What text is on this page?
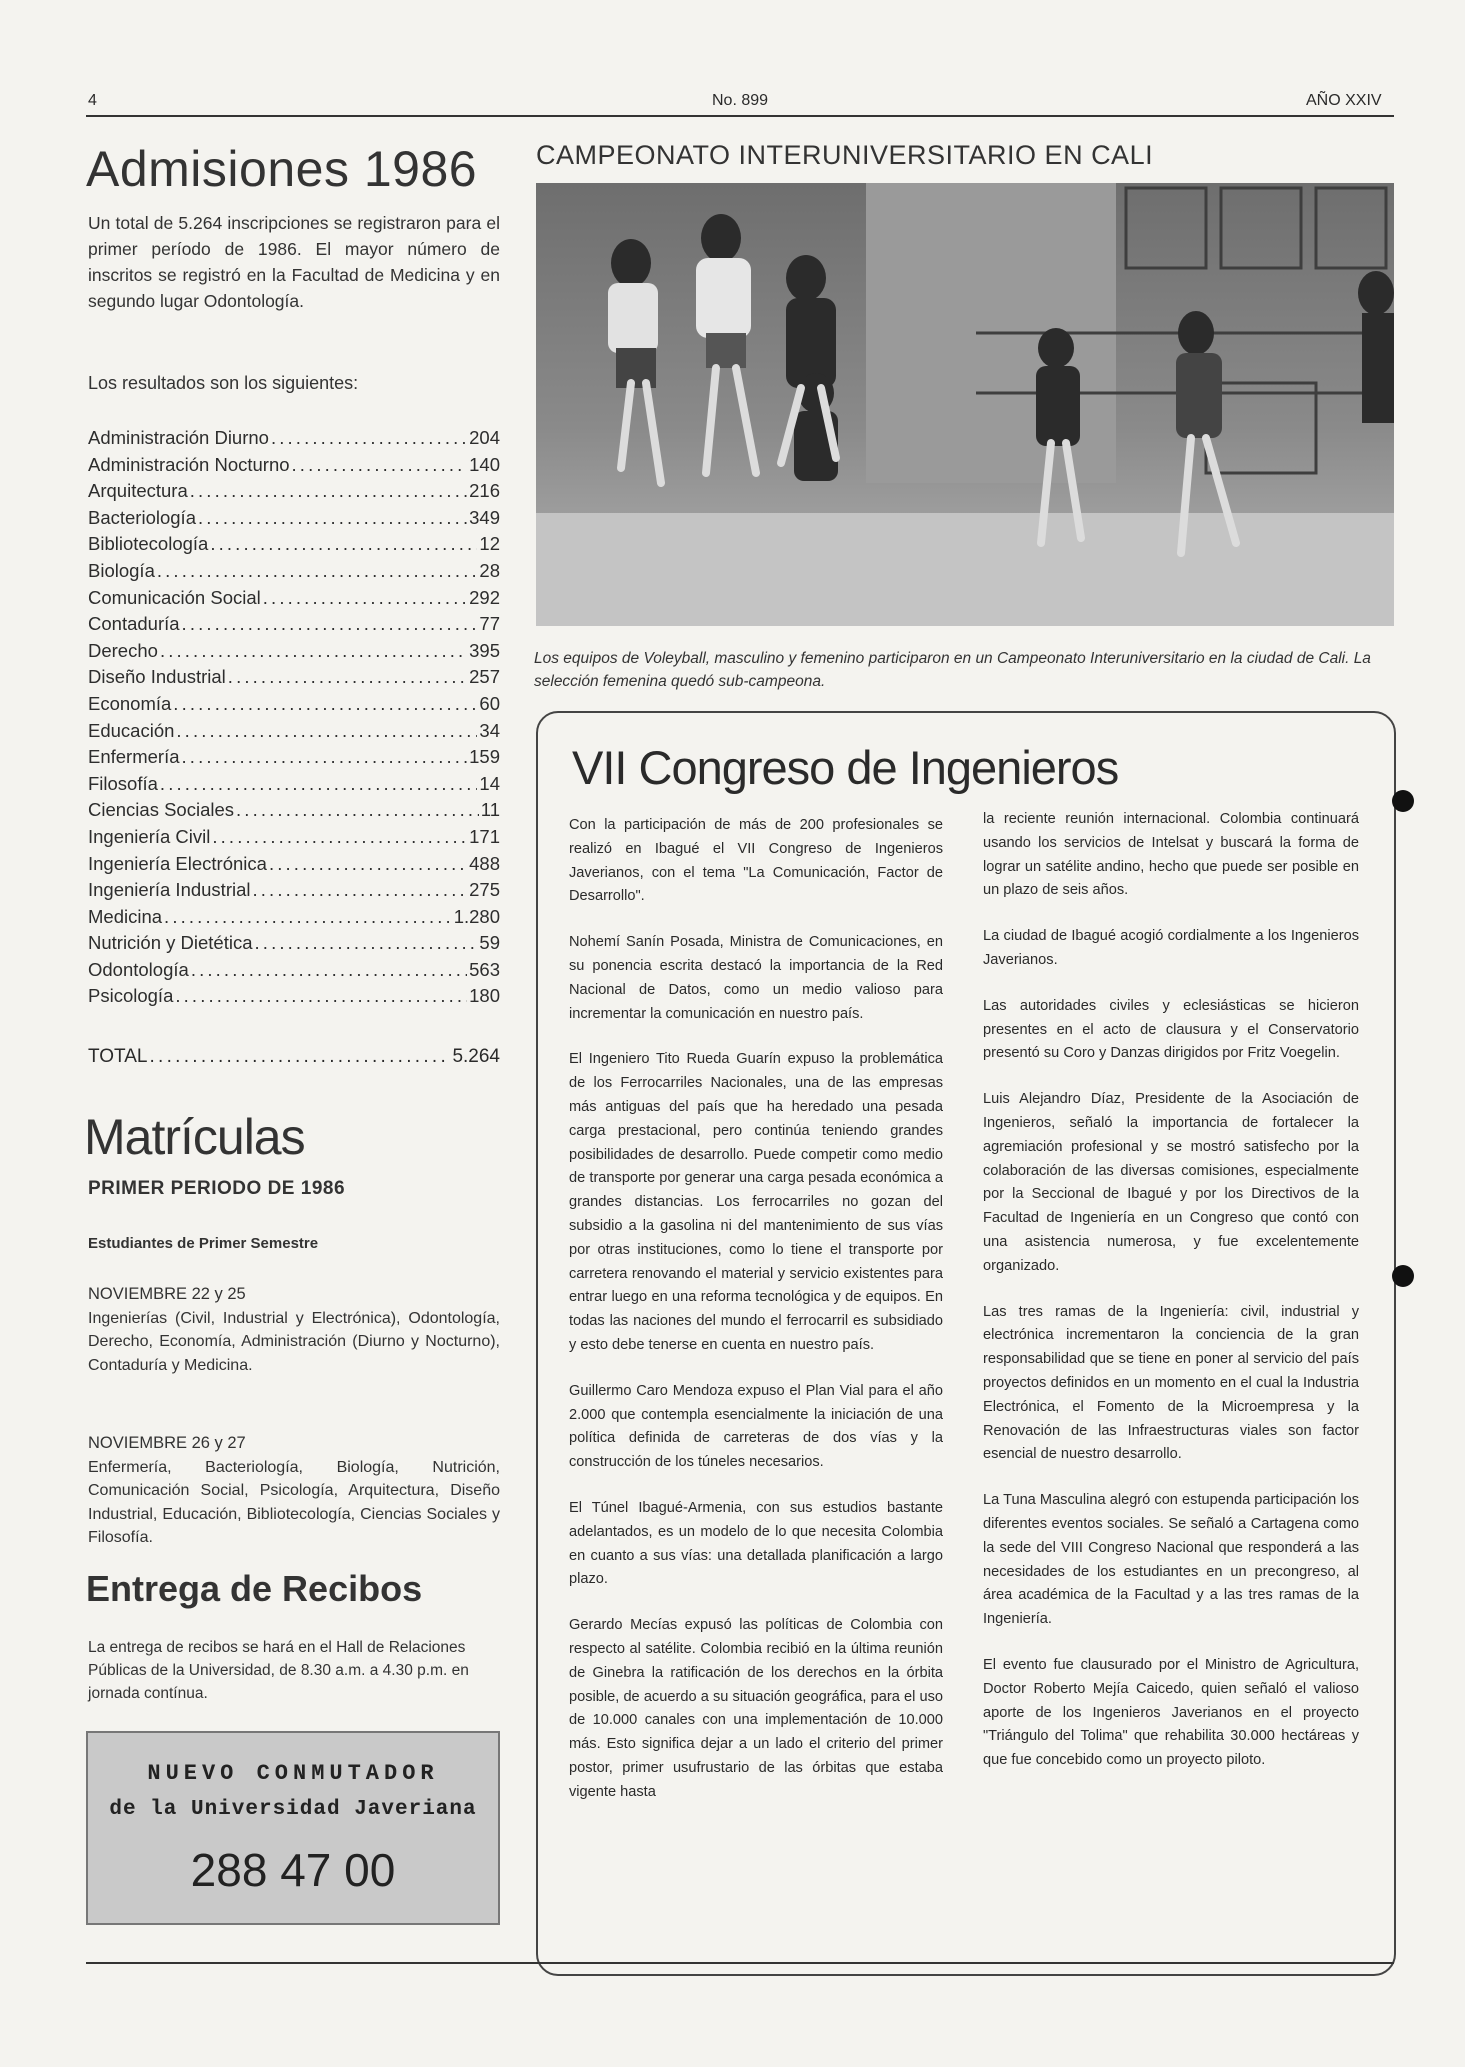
4	No. 899	AÑO XXIV
Admisiones 1986
Un total de 5.264 inscripciones se registraron para el primer período de 1986. El mayor número de inscritos se registró en la Facultad de Medicina y en segundo lugar Odontología.
Los resultados son los siguientes:
Administración Diurno . . .	204
Administración Nocturno . . .	140
Arquitectura . . .	216
Bacteriología . . .	349
Bibliotecología . . .	12
Biología . . .	28
Comunicación Social . . .	292
Contaduría . . .	77
Derecho . . .	395
Diseño Industrial . . .	257
Economía . . .	60
Educación . . .	34
Enfermería . . .	159
Filosofía . . .	14
Ciencias Sociales . . .	11
Ingeniería Civil . . .	171
Ingeniería Electrónica . . .	488
Ingeniería Industrial . . .	275
Medicina . . .	1.280
Nutrición y Dietética . . .	59
Odontología . . .	563
Psicología . . .	180
TOTAL . . .	5.264
Matrículas
PRIMER PERIODO DE 1986
Estudiantes de Primer Semestre
NOVIEMBRE 22 y 25
Ingenierías (Civil, Industrial y Electrónica), Odontología, Derecho, Economía, Administración (Diurno y Nocturno), Contaduría y Medicina.
NOVIEMBRE 26 y 27
Enfermería, Bacteriología, Biología, Nutrición, Comunicación Social, Psicología, Arquitectura, Diseño Industrial, Educación, Bibliotecología, Ciencias Sociales y Filosofía.
Entrega de Recibos
La entrega de recibos se hará en el Hall de Relaciones Públicas de la Universidad, de 8.30 a.m. a 4.30 p.m. en jornada contínua.
NUEVO CONMUTADOR
de la Universidad Javeriana
288 47 00
CAMPEONATO INTERUNIVERSITARIO EN CALI
Los equipos de Voleyball, masculino y femenino participaron en un Campeonato Interuniversitario en la ciudad de Cali. La selección femenina quedó sub-campeona.
VII Congreso de Ingenieros

Con la participación de más de 200 profesionales se realizó en Ibagué el VII Congreso de Ingenieros Javerianos, con el tema "La Comunicación, Factor de Desarrollo".

Nohemí Sanín Posada, Ministra de Comunicaciones, en su ponencia escrita destacó la importancia de la Red Nacional de Datos, como un medio valioso para incrementar la comunicación en nuestro país.

El Ingeniero Tito Rueda Guarín expuso la problemática de los Ferrocarriles Nacionales, una de las empresas más antiguas del país que ha heredado una pesada carga prestacional, pero continúa teniendo grandes posibilidades de desarrollo. Puede competir como medio de transporte por generar una carga pesada económica a grandes distancias. Los ferrocarriles no gozan del subsidio a la gasolina ni del mantenimiento de sus vías por otras instituciones, como lo tiene el transporte por carretera renovando el material y servicio existentes para entrar luego en una reforma tecnológica y de equipos. En todas las naciones del mundo el ferrocarril es subsidiado y esto debe tenerse en cuenta en nuestro país.

Guillermo Caro Mendoza expuso el Plan Vial para el año 2.000 que contempla esencialmente la iniciación de una política definida de carreteras de dos vías y la construcción de los túneles necesarios.

El Túnel Ibagué-Armenia, con sus estudios bastante adelantados, es un modelo de lo que necesita Colombia en cuanto a sus vías: una detallada planificación a largo plazo.

Gerardo Mecías expusó las políticas de Colombia con respecto al satélite. Colombia recibió en la última reunión de Ginebra la ratificación de los derechos en la órbita posible, de acuerdo a su situación geográfica, para el uso de 10.000 canales con una implementación de 10.000 más. Esto significa dejar a un lado el criterio del primer postor, primer usufrustario de las órbitas que estaba vigente hasta

la reciente reunión internacional. Colombia continuará usando los servicios de Intelsat y buscará la forma de lograr un satélite andino, hecho que puede ser posible en un plazo de seis años.

La ciudad de Ibagué acogió cordialmente a los Ingenieros Javerianos.

Las autoridades civiles y eclesiásticas se hicieron presentes en el acto de clausura y el Conservatorio presentó su Coro y Danzas dirigidos por Fritz Voegelin.

Luis Alejandro Díaz, Presidente de la Asociación de Ingenieros, señaló la importancia de fortalecer la agremiación profesional y se mostró satisfecho por la colaboración de las diversas comisiones, especialmente por la Seccional de Ibagué y por los Directivos de la Facultad de Ingeniería en un Congreso que contó con una asistencia numerosa, y fue excelentemente organizado.

Las tres ramas de la Ingeniería: civil, industrial y electrónica incrementaron la conciencia de la gran responsabilidad que se tiene en poner al servicio del país proyectos definidos en un momento en el cual la Industria Electrónica, el Fomento de la Microempresa y la Renovación de las Infraestructuras viales son factor esencial de nuestro desarrollo.

La Tuna Masculina alegró con estupenda participación los diferentes eventos sociales. Se señaló a Cartagena como la sede del VIII Congreso Nacional que responderá a las necesidades de los estudiantes en un precongreso, al área académica de la Facultad y a las tres ramas de la Ingeniería.

El evento fue clausurado por el Ministro de Agricultura, Doctor Roberto Mejía Caicedo, quien señaló el valioso aporte de los Ingenieros Javerianos en el proyecto "Triángulo del Tolima" que rehabilita 30.000 hectáreas y que fue concebido como un proyecto piloto.
